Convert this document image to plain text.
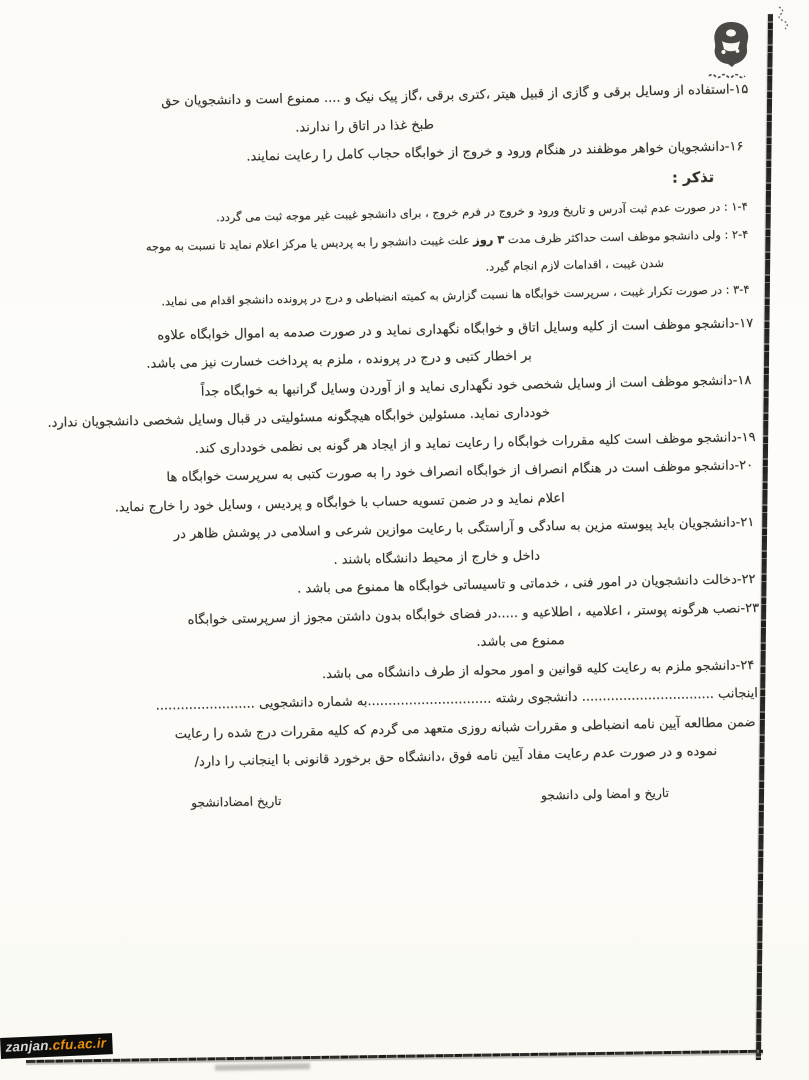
۱۵-استفاده از وسایل برقی و گازی از قبیل هیتر ،کتری برقی ،گاز پیک نیک و .... ممنوع است و دانشجویان حق
طبخ غذا در اتاق را ندارند.
۱۶-دانشجویان خواهر موظفند در هنگام ورود و خروج از خوابگاه حجاب کامل را رعایت نمایند.
تذکر :
۱-۴ : در صورت عدم ثبت آدرس و تاریخ ورود و خروج در فرم خروج ، برای دانشجو غیبت غیر موجه ثبت می گردد.
۲-۴ : ولی دانشجو موظف است حداکثر ظرف مدت ۳ روز علت غیبت دانشجو را به پردیس یا مرکز اعلام نماید تا نسبت به موجه
شدن غیبت ، اقدامات لازم انجام گیرد.
۳-۴ : در صورت تکرار غیبت ، سرپرست خوابگاه ها نسبت گزارش به کمیته انضباطی و درج در پرونده دانشجو اقدام می نماید.
۱۷-دانشجو موظف است از کلیه وسایل اتاق و خوابگاه نگهداری نماید و در صورت صدمه به اموال خوابگاه علاوه
بر اخطار کتبی و درج در پرونده ، ملزم به پرداخت خسارت نیز می باشد.
۱۸-دانشجو موظف است از وسایل شخصی خود نگهداری نماید و از آوردن وسایل گرانبها به خوابگاه جداً
خودداری نماید. مسئولین خوابگاه هیچگونه مسئولیتی در قبال وسایل شخصی دانشجویان ندارد.
۱۹-دانشجو موظف است کلیه مقررات خوابگاه را رعایت نماید و از ایجاد هر گونه بی نظمی خودداری کند.
۲۰-دانشجو موظف است در هنگام انصراف از خوابگاه انصراف خود را به صورت کتبی به سرپرست خوابگاه ها
اعلام نماید و در ضمن تسویه حساب با خوابگاه و پردیس ، وسایل خود را خارج نماید.
۲۱-دانشجویان باید پیوسته مزین به سادگی و آراستگی با رعایت موازین شرعی و اسلامی در پوشش ظاهر در
داخل و خارج از محیط دانشگاه باشند .
۲۲-دخالت دانشجویان در امور فنی ، خدماتی و تاسیساتی خوابگاه ها ممنوع می باشد .
۲۳-نصب هرگونه پوستر ، اعلامیه ، اطلاعیه و .....در فضای خوابگاه بدون داشتن مجوز از سرپرستی خوابگاه
ممنوع می باشد.
۲۴-دانشجو ملزم به رعایت کلیه قوانین و امور محوله از طرف دانشگاه می باشد.
اینجانب ................................ دانشجوی رشته ..............................به شماره دانشجویی ........................
ضمن مطالعه آیین نامه انضباطی و مقررات شبانه روزی متعهد می گردم که کلیه مقررات درج شده را رعایت
نموده و در صورت عدم رعایت مفاد آیین نامه فوق ،دانشگاه حق برخورد قانونی با اینجانب را دارد/
تاریخ و امضا ولی دانشجو
تاریخ امضادانشجو
zanjan.cfu.ac.ir
